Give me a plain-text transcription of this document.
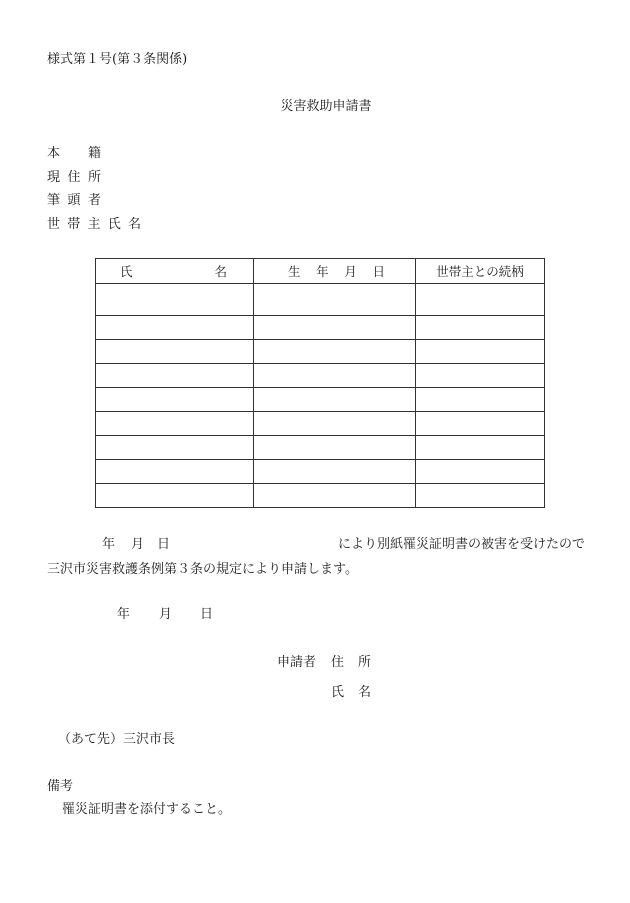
様式第１号(第３条関係)
災害救助申請書
本 籍
現 住 所
筆 頭 者
世 帯 主 氏 名
氏 名	生 年 月 日	世帯主との続柄

年 月 日	により別紙罹災証明書の被害を受けたので
三沢市災害救護条例第３条の規定により申請します。
年 月 日
申請者 住 所
氏 名
（あて先）三沢市長
備考
罹災証明書を添付すること。
